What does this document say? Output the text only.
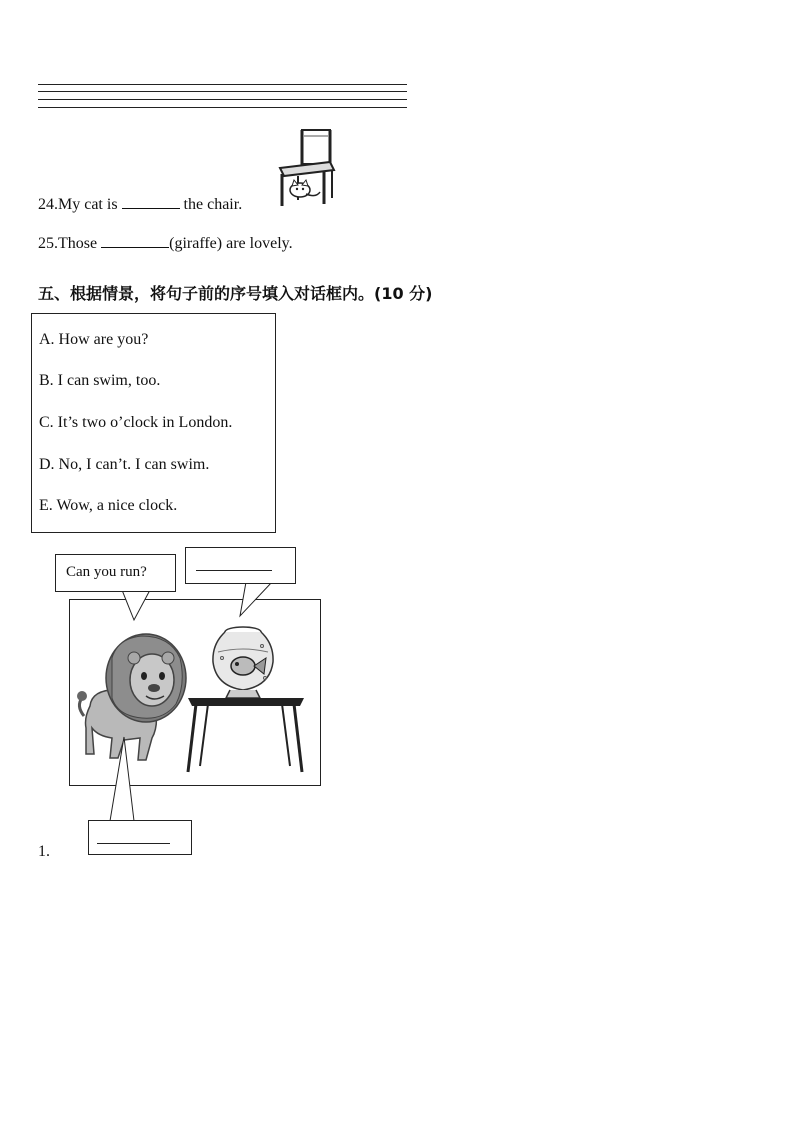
24.My cat is	the chair.
25.Those	(giraffe) are lovely.
五、根据情景，将句子前的序号填入对话框内。(10 分)
A. How are you?
B. I can swim, too.
C. It’s two o’clock in London.
D. No, I can’t. I can swim.
E. Wow, a nice clock.
Can you run?
1.
